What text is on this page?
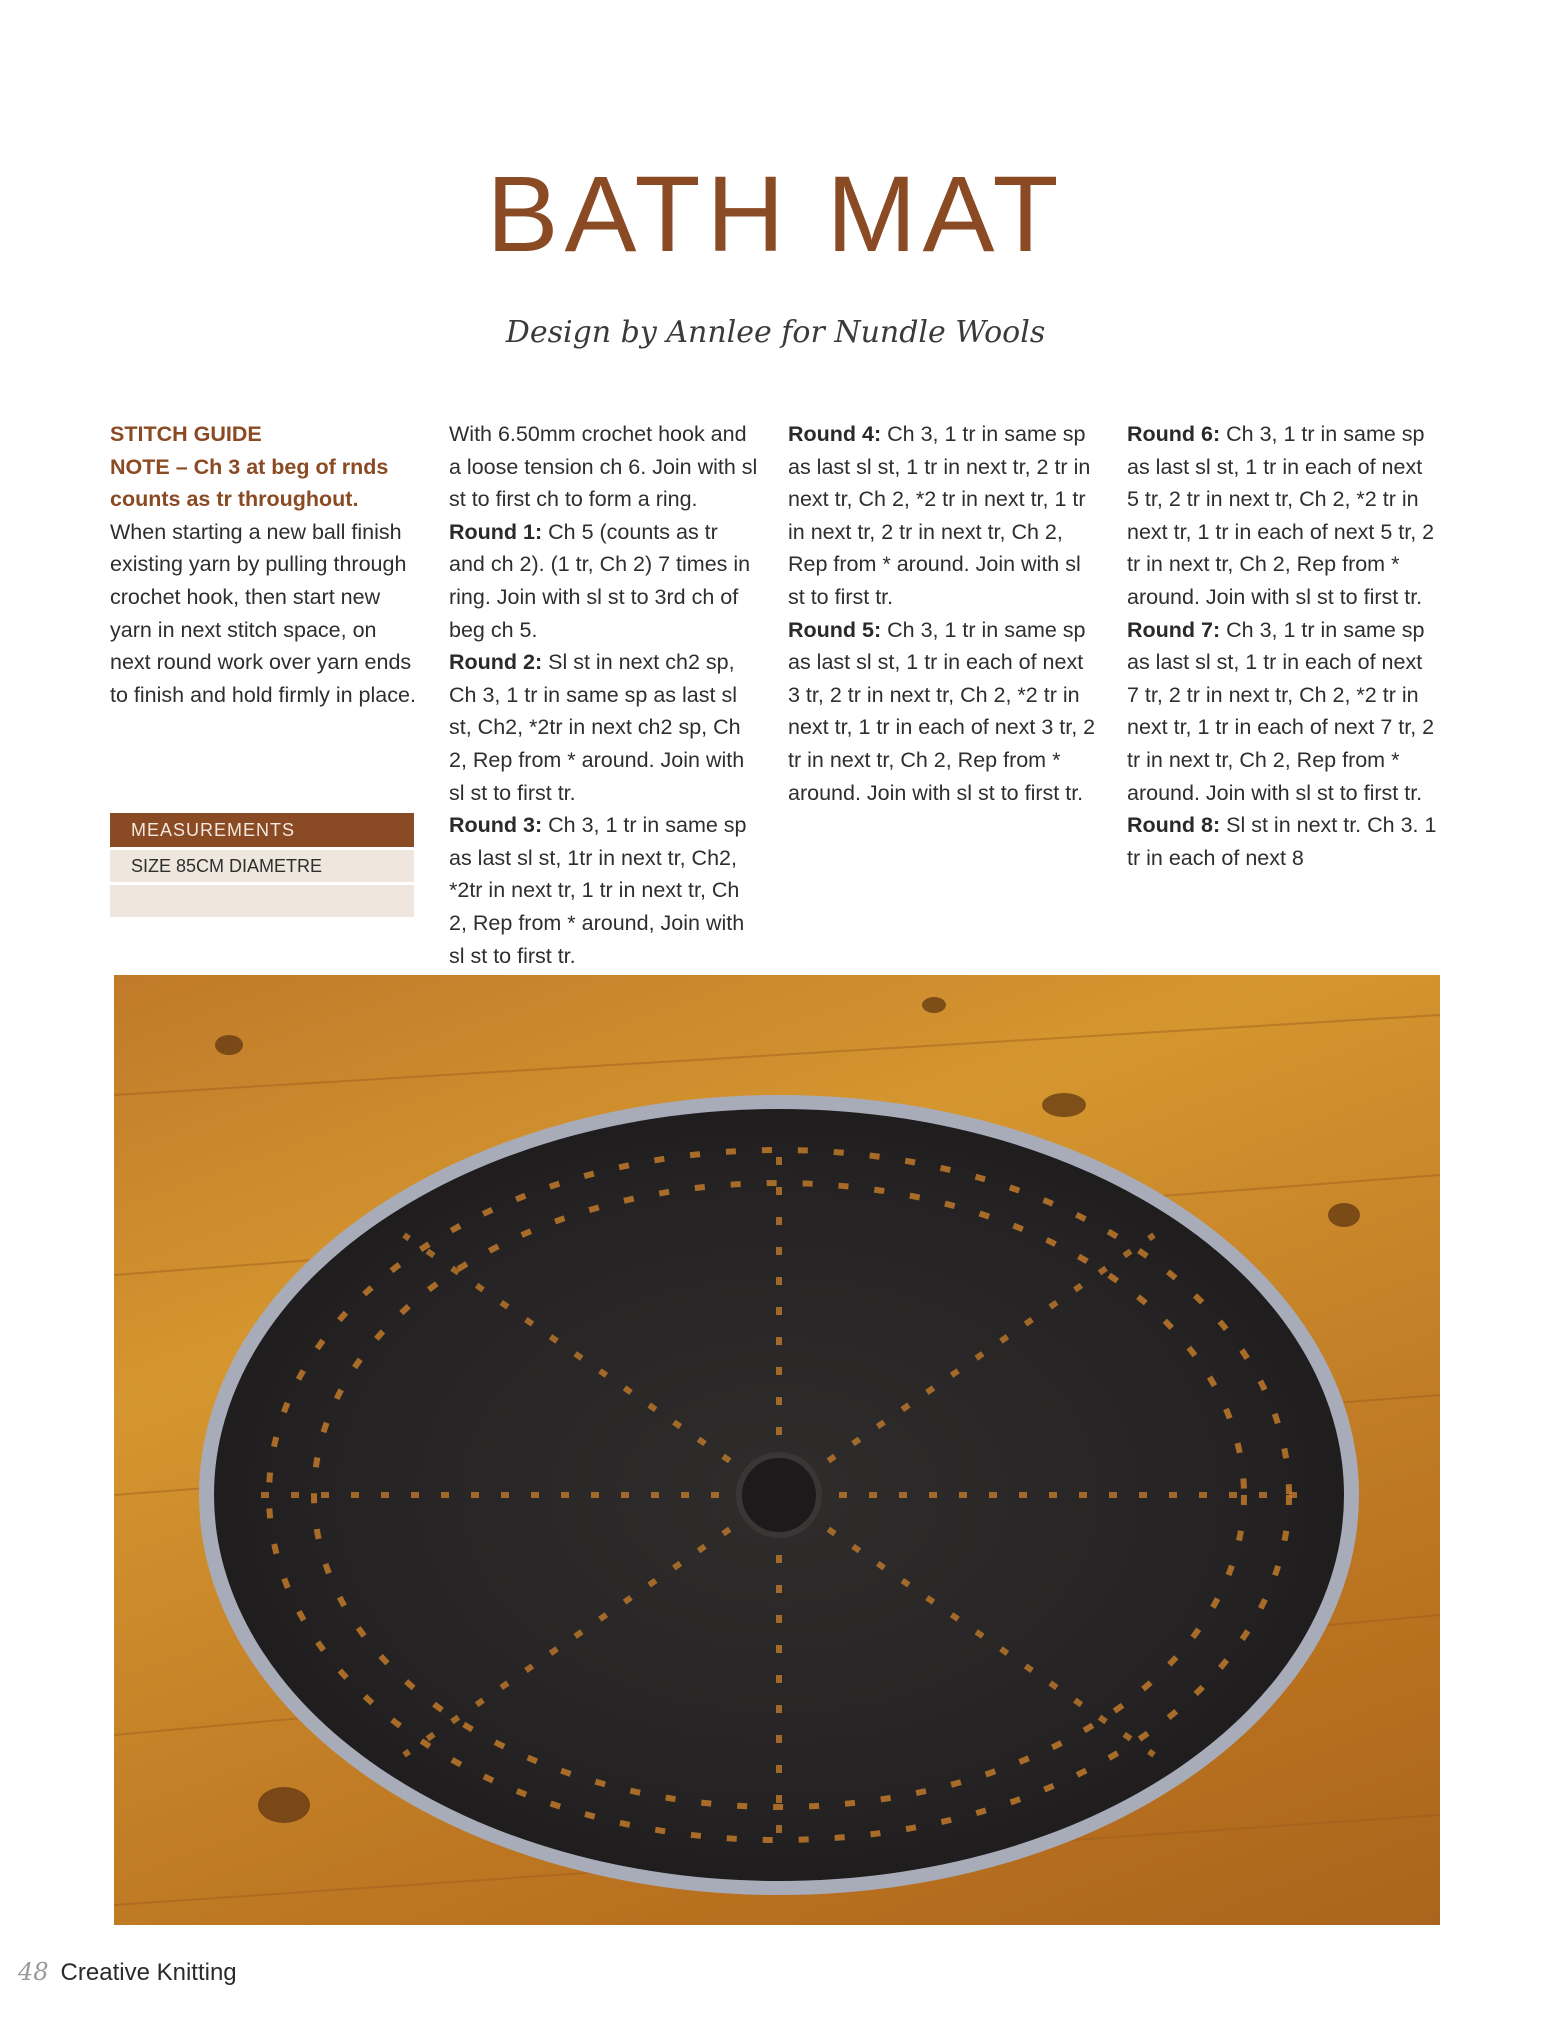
BATH MAT
Design by Annlee for Nundle Wools

STITCH GUIDE

NOTE – Ch 3 at beg of rnds counts as tr throughout.

When starting a new ball finish existing yarn by pulling through crochet hook, then start new yarn in next stitch space, on next round work over yarn ends to finish and hold firmly in place.

MEASUREMENTS
SIZE 85CM DIAMETRE

With 6.50mm crochet hook and a loose tension ch 6. Join with sl st to first ch to form a ring.

Round 1: Ch 5 (counts as tr and ch 2). (1 tr, Ch 2) 7 times in ring. Join with sl st to 3rd ch of beg ch 5.

Round 2: Sl st in next ch2 sp, Ch 3, 1 tr in same sp as last sl st, Ch2, *2tr in next ch2 sp, Ch 2, Rep from * around. Join with sl st to first tr.

Round 3: Ch 3, 1 tr in same sp as last sl st, 1tr in next tr, Ch2, *2tr in next tr, 1 tr in next tr, Ch 2, Rep from * around, Join with sl st to first tr.

Round 4: Ch 3, 1 tr in same sp as last sl st, 1 tr in next tr, 2 tr in next tr, Ch 2, *2 tr in next tr, 1 tr in next tr, 2 tr in next tr, Ch 2, Rep from * around. Join with sl st to first tr.

Round 5: Ch 3, 1 tr in same sp as last sl st, 1 tr in each of next 3 tr, 2 tr in next tr, Ch 2, *2 tr in next tr, 1 tr in each of next 3 tr, 2 tr in next tr, Ch 2, Rep from * around. Join with sl st to first tr.

Round 6: Ch 3, 1 tr in same sp as last sl st, 1 tr in each of next 5 tr, 2 tr in next tr, Ch 2, *2 tr in next tr, 1 tr in each of next 5 tr, 2 tr in next tr, Ch 2, Rep from * around. Join with sl st to first tr.

Round 7: Ch 3, 1 tr in same sp as last sl st, 1 tr in each of next 7 tr, 2 tr in next tr, Ch 2, *2 tr in next tr, 1 tr in each of next 7 tr, 2 tr in next tr, Ch 2, Rep from * around. Join with sl st to first tr.

Round 8: Sl st in next tr. Ch 3. 1 tr in each of next 8

48 Creative Knitting
